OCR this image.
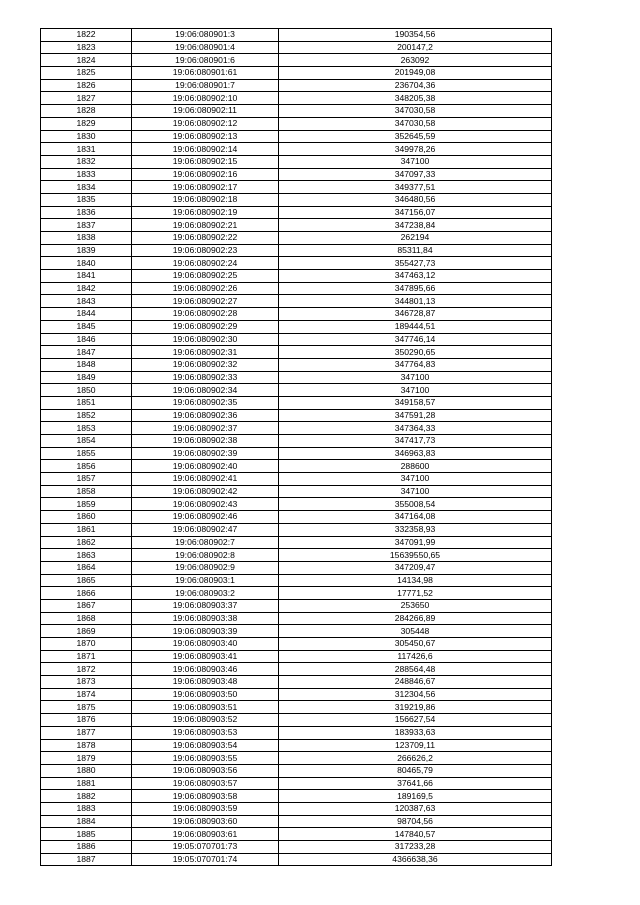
1822	19:06:080901:3	190354,56
1823	19:06:080901:4	200147,2
1824	19:06:080901:6	263092
1825	19:06:080901:61	201949,08
1826	19:06:080901:7	236704,36
1827	19:06:080902:10	348205,38
1828	19:06:080902:11	347030,58
1829	19:06:080902:12	347030,58
1830	19:06:080902:13	352645,59
1831	19:06:080902:14	349978,26
1832	19:06:080902:15	347100
1833	19:06:080902:16	347097,33
1834	19:06:080902:17	349377,51
1835	19:06:080902:18	346480,56
1836	19:06:080902:19	347156,07
1837	19:06:080902:21	347238,84
1838	19:06:080902:22	262194
1839	19:06:080902:23	85311,84
1840	19:06:080902:24	355427,73
1841	19:06:080902:25	347463,12
1842	19:06:080902:26	347895,66
1843	19:06:080902:27	344801,13
1844	19:06:080902:28	346728,87
1845	19:06:080902:29	189444,51
1846	19:06:080902:30	347746,14
1847	19:06:080902:31	350290,65
1848	19:06:080902:32	347764,83
1849	19:06:080902:33	347100
1850	19:06:080902:34	347100
1851	19:06:080902:35	349158,57
1852	19:06:080902:36	347591,28
1853	19:06:080902:37	347364,33
1854	19:06:080902:38	347417,73
1855	19:06:080902:39	346963,83
1856	19:06:080902:40	288600
1857	19:06:080902:41	347100
1858	19:06:080902:42	347100
1859	19:06:080902:43	355008,54
1860	19:06:080902:46	347164,08
1861	19:06:080902:47	332358,93
1862	19:06:080902:7	347091,99
1863	19:06:080902:8	15639550,65
1864	19:06:080902:9	347209,47
1865	19:06:080903:1	14134,98
1866	19:06:080903:2	17771,52
1867	19:06:080903:37	253650
1868	19:06:080903:38	284266,89
1869	19:06:080903:39	305448
1870	19:06:080903:40	305450,67
1871	19:06:080903:41	117426,6
1872	19:06:080903:46	288564,48
1873	19:06:080903:48	248846,67
1874	19:06:080903:50	312304,56
1875	19:06:080903:51	319219,86
1876	19:06:080903:52	156627,54
1877	19:06:080903:53	183933,63
1878	19:06:080903:54	123709,11
1879	19:06:080903:55	266626,2
1880	19:06:080903:56	80465,79
1881	19:06:080903:57	37641,66
1882	19:06:080903:58	189169,5
1883	19:06:080903:59	120387,63
1884	19:06:080903:60	98704,56
1885	19:06:080903:61	147840,57
1886	19:05:070701:73	317233,28
1887	19:05:070701:74	4366638,36
